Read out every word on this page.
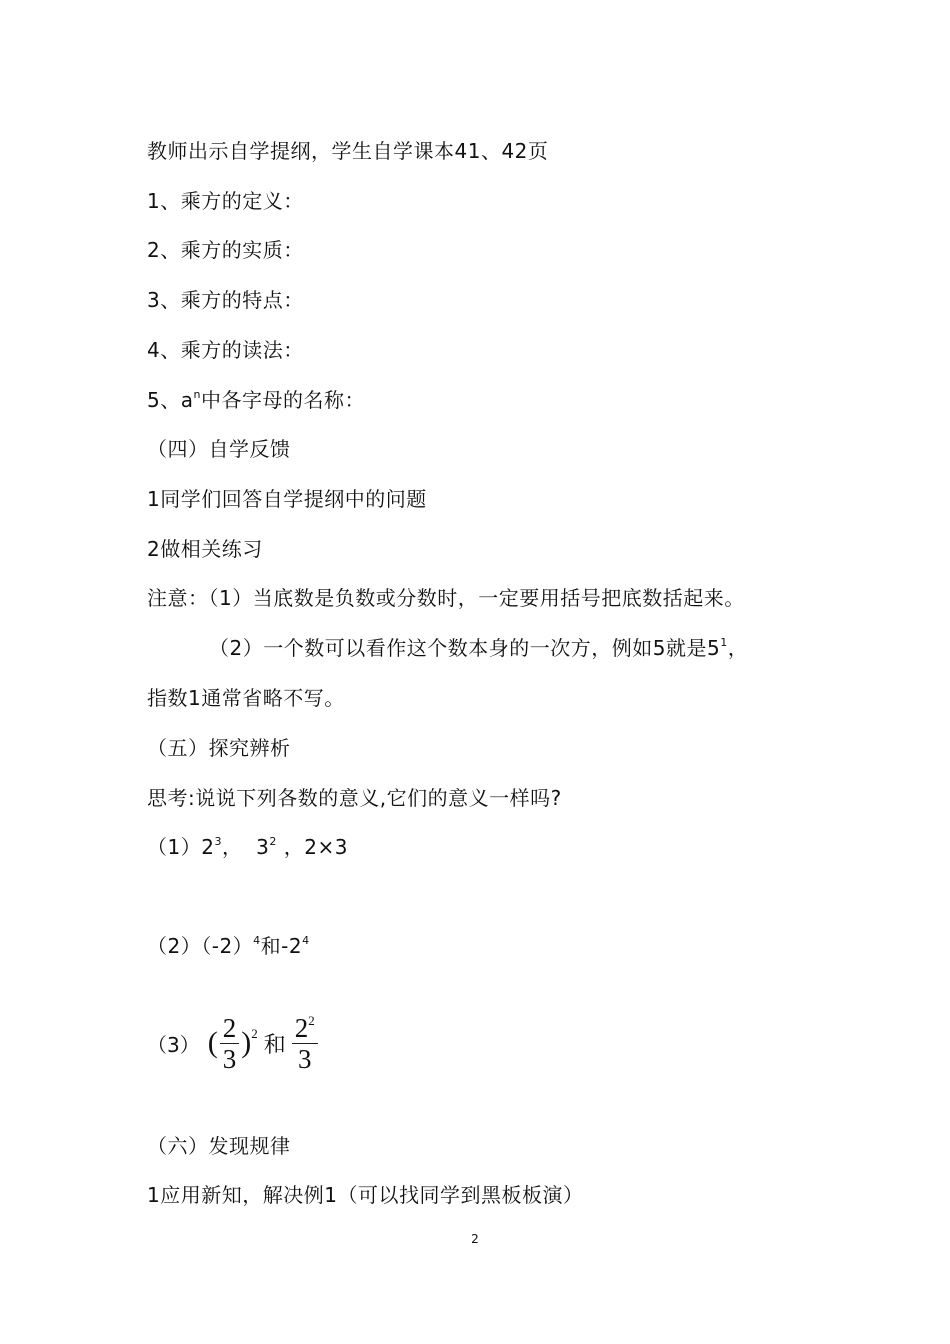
教师出示自学提纲，学生自学课本41、42页
1、乘方的定义：
2、乘方的实质：
3、乘方的特点：
4、乘方的读法：
5、$a^n$中各字母的名称：
（四）自学反馈
1同学们回答自学提纲中的问题
2做相关练习
注意：（1）当底数是负数或分数时，一定要用括号把底数括起来。
（2）一个数可以看作这个数本身的一次方，例如5就是$5^1$，
指数1通常省略不写。
（五）探究辨析
思考:说说下列各数的意义,它们的意义一样吗?
$(1)2^3$，  $3^2$ ，2×3
$(2)(-2)^4$和$-2^4$
（3） ( $\frac{2}{3}$ ) 2 和 $\frac{2^2}{3}$
（六）发现规律
1应用新知，解决例1（可以找同学到黑板板演）
2
